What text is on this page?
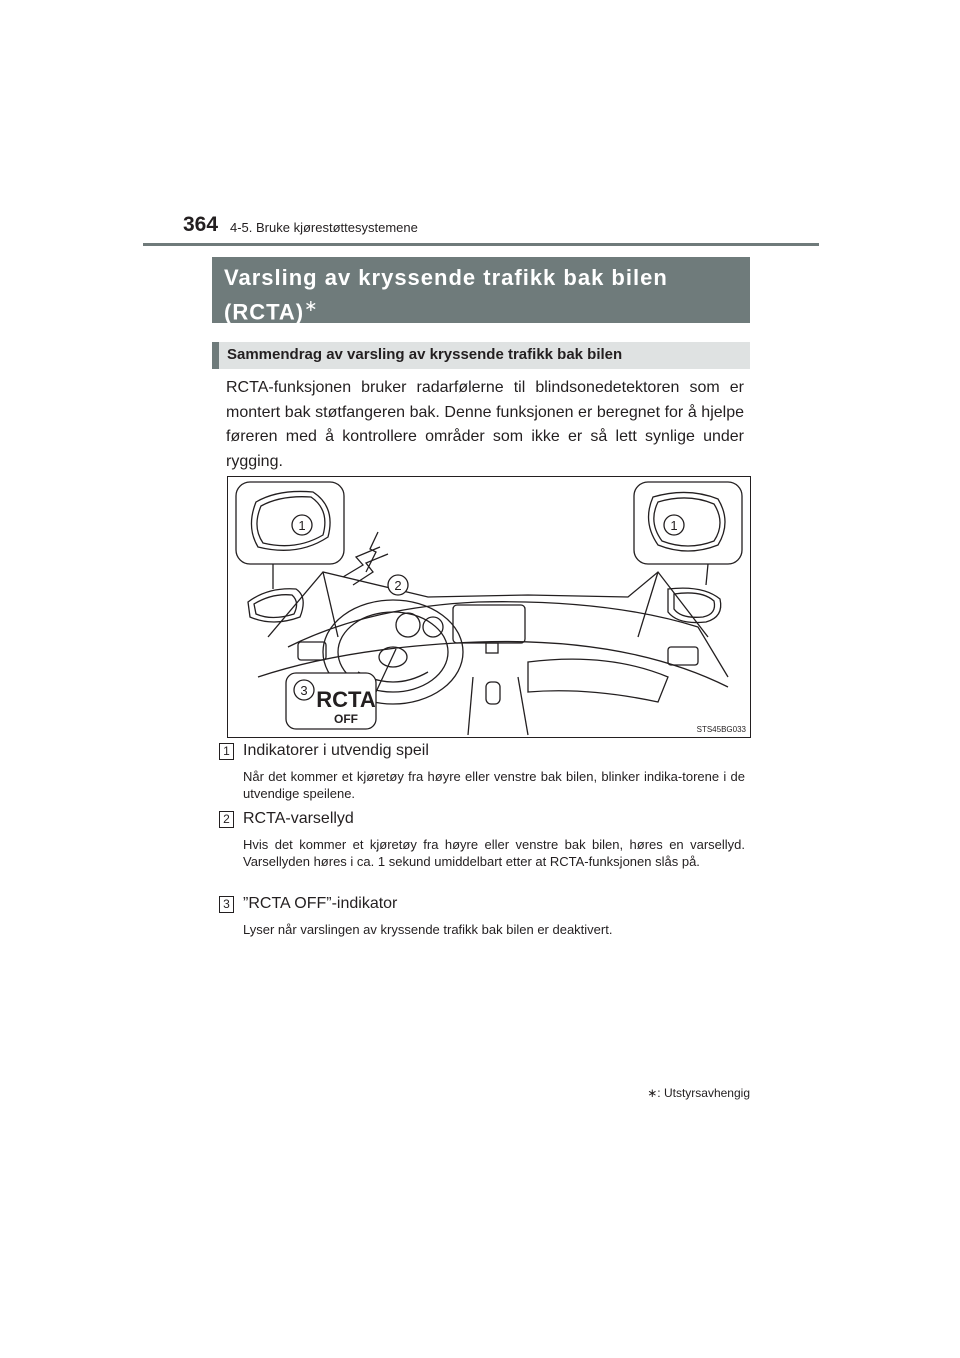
364 4-5. Bruke kjørestøttesystemene
Varsling av kryssende trafikk bak bilen (RCTA)∗
Sammendrag av varsling av kryssende trafikk bak bilen

RCTA-funksjonen bruker radarfølerne til blindsonedetektoren som er montert bak støtfangeren bak. Denne funksjonen er beregnet for å hjelpe føreren med å kontrollere områder som ikke er så lett synlige under rygging.

1	1
2
3 RCTA
OFF
STS45BG033
1 Indikatorer i utvendig speil

Når det kommer et kjøretøy fra høyre eller venstre bak bilen, blinker indika-torene i de utvendige speilene.

2 RCTA-varsellyd

Hvis det kommer et kjøretøy fra høyre eller venstre bak bilen, høres en varsellyd. Varsellyden høres i ca. 1 sekund umiddelbart etter at RCTA-funksjonen slås på.

3 ”RCTA OFF”-indikator

Lyser når varslingen av kryssende trafikk bak bilen er deaktivert.

∗: Utstyrsavhengig
